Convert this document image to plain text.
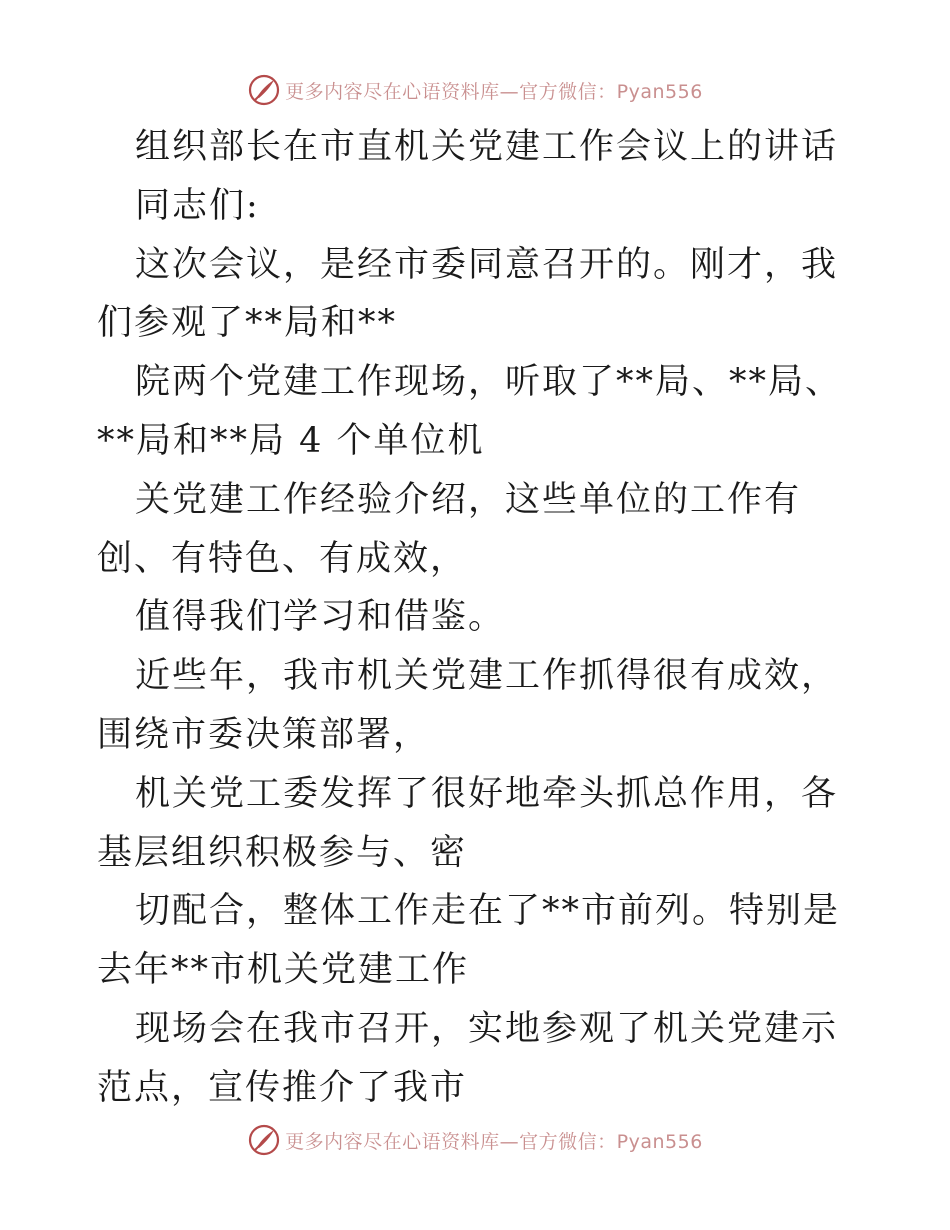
更多内容尽在心语资料库—官方微信：Pyan556

组织部长在市直机关党建工作会议上的讲话

同志们:

这次会议，是经市委同意召开的。刚才，我们参观了**局和**

院两个党建工作现场，听取了**局、**局、**局和**局 4 个单位机

关党建工作经验介绍，这些单位的工作有创、有特色、有成效，

值得我们学习和借鉴。

近些年，我市机关党建工作抓得很有成效，围绕市委决策部署，

机关党工委发挥了很好地牵头抓总作用，各基层组织积极参与、密

切配合，整体工作走在了**市前列。特别是去年**市机关党建工作

现场会在我市召开，实地参观了机关党建示范点，宣传推介了我市

更多内容尽在心语资料库—官方微信：Pyan556
